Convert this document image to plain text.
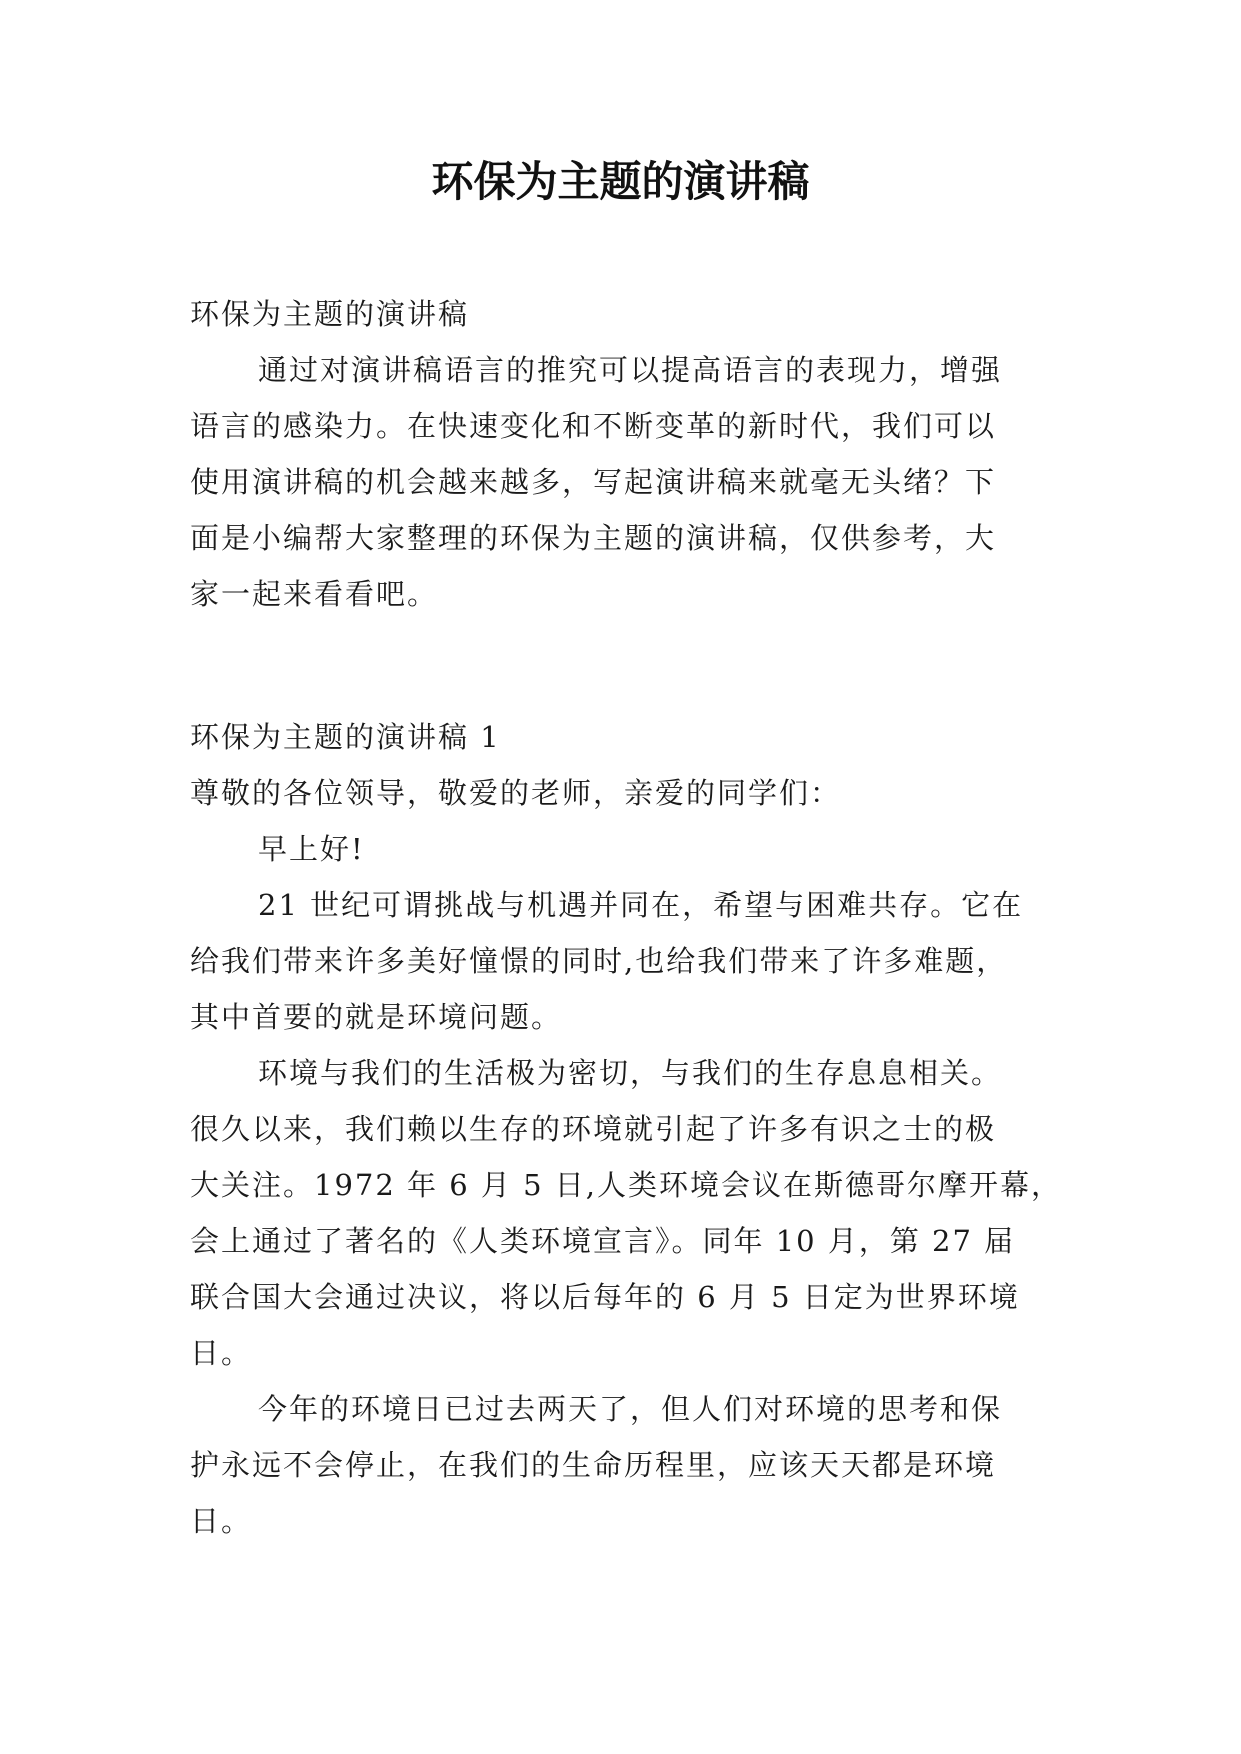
环保为主题的演讲稿

环保为主题的演讲稿

通过对演讲稿语言的推究可以提高语言的表现力，增强

语言的感染力。在快速变化和不断变革的新时代，我们可以

使用演讲稿的机会越来越多，写起演讲稿来就毫无头绪？下

面是小编帮大家整理的环保为主题的演讲稿，仅供参考，大

家一起来看看吧。

环保为主题的演讲稿 1

尊敬的各位领导，敬爱的老师，亲爱的同学们：

早上好!

21 世纪可谓挑战与机遇并同在，希望与困难共存。它在

给我们带来许多美好憧憬的同时,也给我们带来了许多难题，

其中首要的就是环境问题。

环境与我们的生活极为密切，与我们的生存息息相关。

很久以来，我们赖以生存的环境就引起了许多有识之士的极

大关注。1972 年 6 月 5 日,人类环境会议在斯德哥尔摩开幕，

会上通过了著名的《人类环境宣言》。同年 10 月，第 27 届

联合国大会通过决议，将以后每年的 6 月 5 日定为世界环境

日。

今年的环境日已过去两天了，但人们对环境的思考和保

护永远不会停止，在我们的生命历程里，应该天天都是环境

日。
